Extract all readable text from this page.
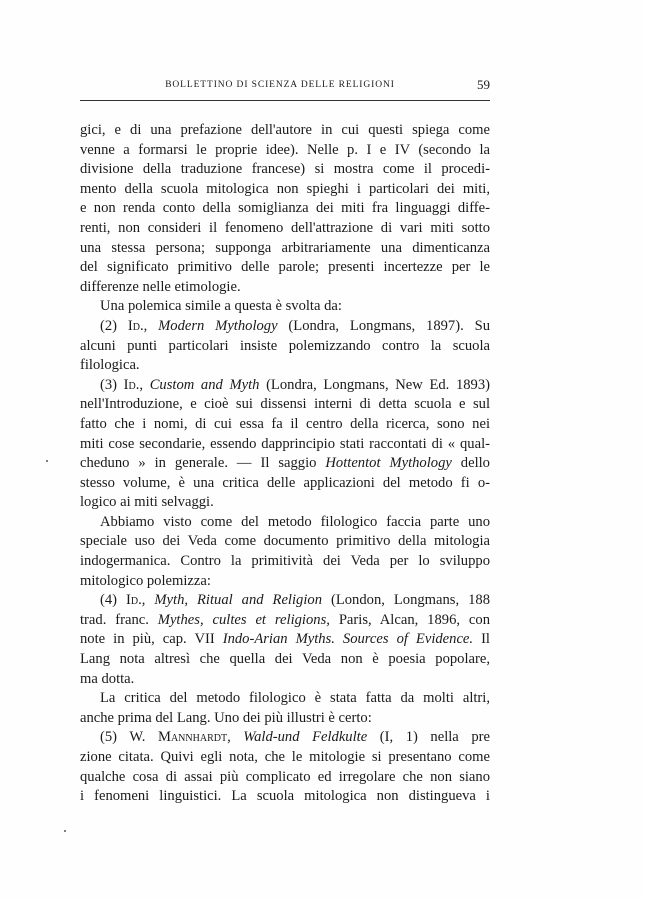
BOLLETTINO DI SCIENZA DELLE RELIGIONI	59
gici, e di una prefazione dell'autore in cui questi spiega come
venne a formarsi le proprie idee). Nelle p. I e IV (secondo la
divisione della traduzione francese) si mostra come il procedi-
mento della scuola mitologica non spieghi i particolari dei miti,
e non renda conto della somiglianza dei miti fra linguaggi diffe-
renti, non consideri il fenomeno dell'attrazione di vari miti sotto
una stessa persona; supponga arbitrariamente una dimenticanza
del significato primitivo delle parole; presenti incertezze per le
differenze nelle etimologie.
Una polemica simile a questa è svolta da:
(2) Id., Modern Mythology (Londra, Longmans, 1897). Su
alcuni punti particolari insiste polemizzando contro la scuola
filologica.
(3) Id., Custom and Myth (Londra, Longmans, New Ed. 1893)
nell'Introduzione, e cioè sui dissensi interni di detta scuola e sul
fatto che i nomi, di cui essa fa il centro della ricerca, sono nei
miti cose secondarie, essendo dapprincipio stati raccontati di « qual-
cheduno » in generale. — Il saggio Hottentot Mythology dello
stesso volume, è una critica delle applicazioni del metodo fi o-
logico ai miti selvaggi.
Abbiamo visto come del metodo filologico faccia parte uno
speciale uso dei Veda come documento primitivo della mitologia
indogermanica. Contro la primitività dei Veda per lo sviluppo
mitologico polemizza:
(4) Id., Myth, Ritual and Religion (London, Longmans, 188
trad. franc. Mythes, cultes et religions, Paris, Alcan, 1896, con
note in più, cap. VII Indo-Arian Myths. Sources of Evidence. Il
Lang nota altresì che quella dei Veda non è poesia popolare,
ma dotta.
La critica del metodo filologico è stata fatta da molti altri,
anche prima del Lang. Uno dei più illustri è certo:
(5) W. Mannhardt, Wald-und Feldkulte (I, 1) nella pre
zione citata. Quivi egli nota, che le mitologie si presentano come
qualche cosa di assai più complicato ed irregolare che non siano
i fenomeni linguistici. La scuola mitologica non distingueva i
